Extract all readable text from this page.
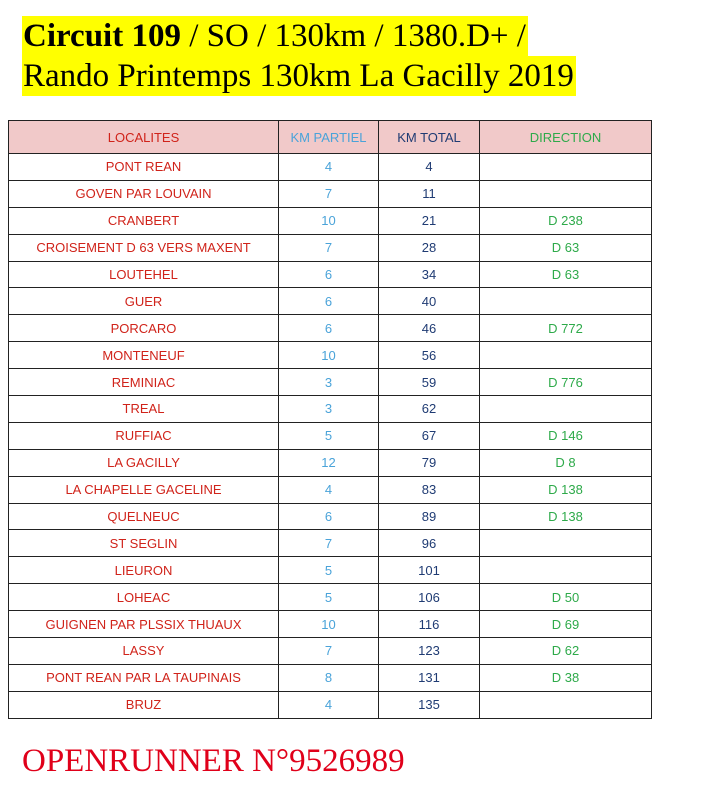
Circuit 109 / SO / 130km / 1380.D+ /
Rando Printemps 130km La Gacilly 2019
LOCALITES	KM PARTIEL	KM TOTAL	DIRECTION
PONT REAN	4	4	
GOVEN PAR LOUVAIN	7	11	
CRANBERT	10	21	D 238
CROISEMENT D 63 VERS MAXENT	7	28	D 63
LOUTEHEL	6	34	D 63
GUER	6	40	
PORCARO	6	46	D 772
MONTENEUF	10	56	
REMINIAC	3	59	D 776
TREAL	3	62	
RUFFIAC	5	67	D 146
LA GACILLY	12	79	D 8
LA CHAPELLE GACELINE	4	83	D 138
QUELNEUC	6	89	D 138
ST SEGLIN	7	96	
LIEURON	5	101	
LOHEAC	5	106	D 50
GUIGNEN PAR PLSSIX THUAUX	10	116	D 69
LASSY	7	123	D 62
PONT REAN PAR LA TAUPINAIS	8	131	D 38
BRUZ	4	135	
OPENRUNNER N°9526989
